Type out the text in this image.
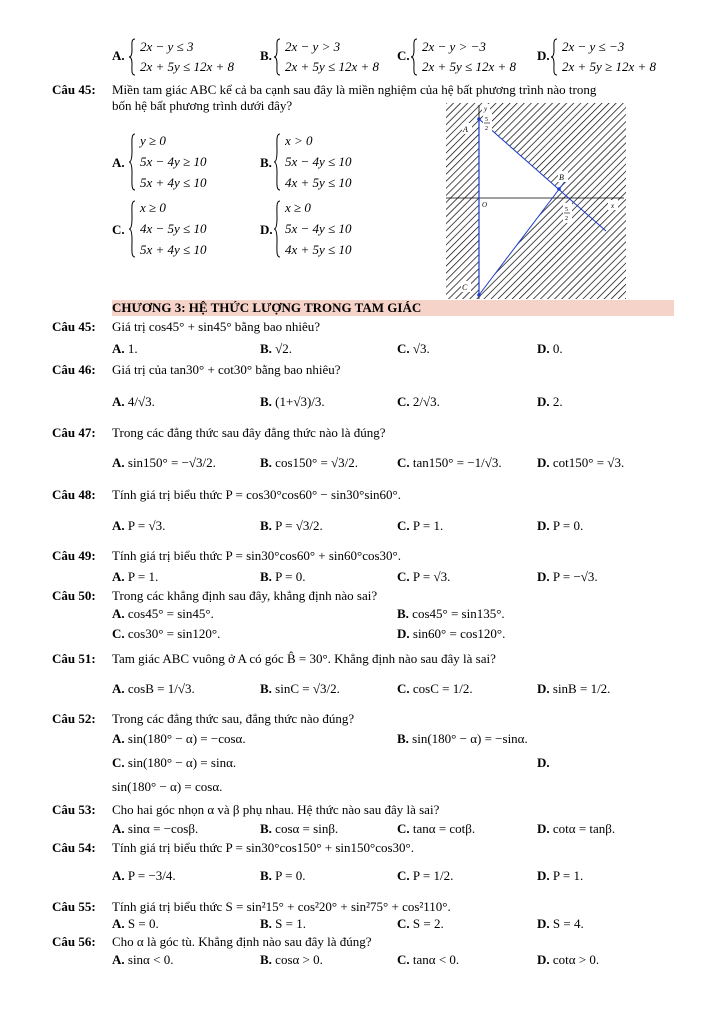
A.
2x − y ≤ 3
2x + 5y ≤ 12x + 8
B.
2x − y > 3
2x + 5y ≤ 12x + 8
C.
2x − y > −3
2x + 5y ≤ 12x + 8
D.
2x − y ≤ −3
2x + 5y ≥ 12x + 8
Câu 45: Miền tam giác ABC kể cả ba cạnh sau đây là miền nghiệm của hệ bất phương trình nào trong
bốn hệ bất phương trình dưới đây?
A.
y ≥ 0
5x − 4y ≥ 10
5x + 4y ≤ 10
B.
x > 0
5x − 4y ≤ 10
4x + 5y ≤ 10
C.
x ≥ 0
4x − 5y ≤ 10
5x + 4y ≤ 10
D.
x ≥ 0
5x − 4y ≤ 10
4x + 5y ≤ 10
A
B
C
O	x
y
5
2
5
2
CHƯƠNG 3: HỆ THỨC LƯỢNG TRONG TAM GIÁC
Câu 45: Giá trị cos45° + sin45° bằng bao nhiêu?
A. 1.	B. √2.	C. √3.	D. 0.
Câu 46: Giá trị của tan30° + cot30° bằng bao nhiêu?
A. 4/√3.	B. (1+√3)/3.	C. 2/√3.	D. 2.
Câu 47: Trong các đẳng thức sau đây đẳng thức nào là đúng?
A. sin150° = −√3/2.	B. cos150° = √3/2.	C. tan150° = −1/√3.	D. cot150° = √3.
Câu 48: Tính giá trị biểu thức P = cos30°cos60° − sin30°sin60°.
A. P = √3.	B. P = √3/2.	C. P = 1.	D. P = 0.
Câu 49: Tính giá trị biểu thức P = sin30°cos60° + sin60°cos30°.
A. P = 1.	B. P = 0.	C. P = √3.	D. P = −√3.
Câu 50: Trong các khẳng định sau đây, khẳng định nào sai?
A. cos45° = sin45°.	B. cos45° = sin135°.
C. cos30° = sin120°.	D. sin60° = cos120°.
Câu 51: Tam giác ABC vuông ở A có góc B̂ = 30°. Khẳng định nào sau đây là sai?
A. cosB = 1/√3.	B. sinC = √3/2.	C. cosC = 1/2.	D. sinB = 1/2.
Câu 52: Trong các đẳng thức sau, đẳng thức nào đúng?
A. sin(180° − α) = −cosα.	B. sin(180° − α) = −sinα.
C. sin(180° − α) = sinα.	D.
sin(180° − α) = cosα.
Câu 53: Cho hai góc nhọn α và β phụ nhau. Hệ thức nào sau đây là sai?
A. sinα = −cosβ.	B. cosα = sinβ.	C. tanα = cotβ.	D. cotα = tanβ.
Câu 54: Tính giá trị biểu thức P = sin30°cos150° + sin150°cos30°.
A. P = −3/4.	B. P = 0.	C. P = 1/2.	D. P = 1.
Câu 55: Tính giá trị biểu thức S = sin²15° + cos²20° + sin²75° + cos²110°.
A. S = 0.	B. S = 1.	C. S = 2.	D. S = 4.
Câu 56: Cho α là góc tù. Khẳng định nào sau đây là đúng?
A. sinα < 0.	B. cosα > 0.	C. tanα < 0.	D. cotα > 0.
